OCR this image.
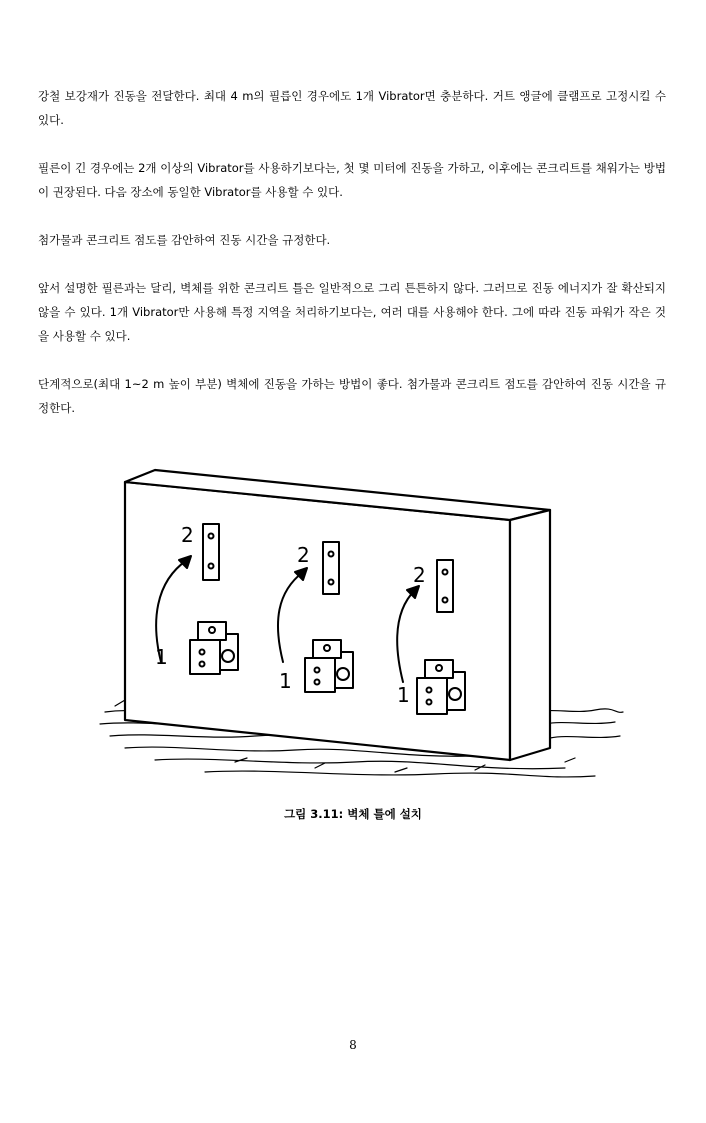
강철 보강재가 진동을 전달한다. 최대 4 m의 필릅인 경우에도 1개 Vibrator면 충분하다. 거트 앵글에 클램프로 고정시킬 수 있다.

필른이 긴 경우에는 2개 이상의 Vibrator를 사용하기보다는, 첫 몇 미터에 진동을 가하고, 이후에는 콘크리트를 채워가는 방법이 권장된다. 다음 장소에 동일한 Vibrator를 사용할 수 있다.

첨가물과 콘크리트 점도를 감안하여 진동 시간을 규정한다.

앞서 설명한 필른과는 달리, 벽체를 위한 콘크리트 틀은 일반적으로 그리 튼튼하지 않다. 그러므로 진동 에너지가 잘 확산되지 않을 수 있다. 1개 Vibrator만 사용해 특정 지역을 처리하기보다는, 여러 대를 사용해야 한다. 그에 따라 진동 파워가 작은 것을 사용할 수 있다.

단계적으로(최대 1~2 m 높이 부분) 벽체에 진동을 가하는 방법이 좋다. 첨가물과 콘크리트 점도를 감안하여 진동 시간을 규정한다.

2
1
2
1
2
1
그림 3.11: 벽체 틀에 설치
8
